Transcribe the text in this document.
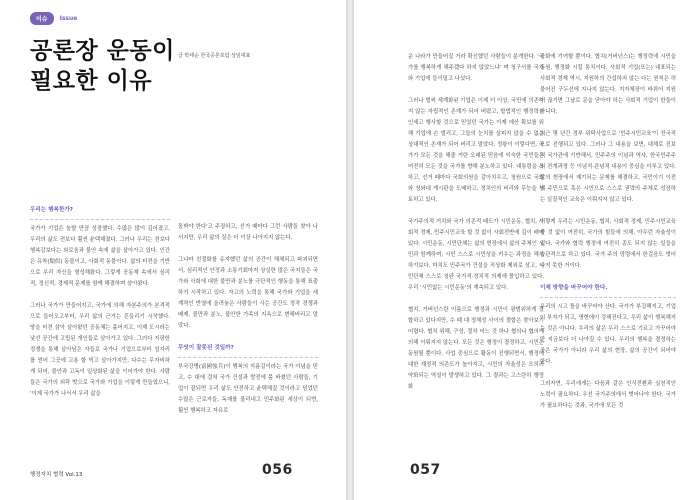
이슈	Issue
공론장 운동이
필요한 이유
글 박태순 한국공론포럼 상임대표
우리는 행복한가?

국가가 기업은 놀랄 만큼 성장했다. 수많은 많이 깊어졌고, 우리의 삶도 전보다 훨씬 윤택해졌다. 그러나 우리는 전보다 행복감보다는 외로움과 불안 속에 삶을 살아가고 있다. 인간은 유착(類似) 동물이고, 사회적 동물이다. 삶의 터전을 기반으로 우리 자신을 형성해왔다. 그렇게 공동체 속에서 심리적, 정신적, 경제적 문제를 함께 해결하며 살아왔다.

그러나 국가가 만들어지고, 국가에 의해 자본주의가 본격적으로 들어오고부터, 우리 삶의 근거는 흔들리기 시작했다. 땅을 터전 삼아 살아왔던 공동체는 흩어지고, 이제 도시라는 낯선 공간에 고립된 개인들로 살아가고 있다. 그러다 지팡한 경쟁을 통해 살아남은 자들로 국가나 기업으로부터 일자리를 얻어 그곳에 고용 할 빅고 살아가지만, 다수는 무자비하게 되어, 불안과 고독이 일상화된 삶을 이어가야 한다. 사람들은 국가의 외곽 벗으로 국가와 기업을 이렇게 만들었으니, '이제 국가가 나서서 우리 삶을

돌봐야 한다'고 주장하고, 선거 때마다 그런 사람들 찾아 나서지만, 우리 삶의 질은 더 이상 나아지지 않는다.

그나마 친절화를 유지했던 삶의 공간이 해체되고 파괴되면서, 심리적인 안정과 소통기회마저 상실한 많은 국지들은 국가와 사회에 대한 불만과 분노를 극단적인 행동을 통해 표출하기 시작하고 있다. 자고의 노력을 통해 국가와 기업을 세계적인 반열에 올려놓은 사람들이 사는 공간도 정작 경쟁과 배제, 불만과 분노, 불안한 가족의 지옥으로 변해버리고 말았다.

무엇이 잘못된 것일까?

부국강병(富國強兵)이 행복의 지름길이라는 국가 이념을 믿고, 수 대에 걸쳐 국가 건설과 발전에 몸 바쳤던 사람들, 기업이 잘되면 우리 삶도 안전하고 윤택해질 것이라고 믿었던 수많은 근로자들, 독재를 물리내고 민주화된 세상이 되면, 훨씬 행복하고 자유로

행정자치 협력 Vol.13	056

운 나라가 만들어질 거라 확신했던 사람들이 분개한다. '국가를 행복하게 해주겠다 하지 않았느냐' 며 청구서를 국가와 기업에 들이밀고 나섰다.

그러나 벌써 세계화된 기업은 이제 더 이상, 국민에 의존하지 않는 자립적인 존재가 되어 버렸고, 합법적인 행정력을 인세고 행사할 것으로 믿었던 국가는 이제 예산 확보를 위해 기업에 손 벌리고, 그들의 눈치를 살피지 않을 수 없는 상대적인 존재가 되어 버리고 말았다. 정왕이 이렇다면, 국가가 모든 것을 해줄 거란 오래된 믿음에 익숙한 국민들은 여전히 모든 것을 국가를 향해 분노하고 있다. 대통령을 욕하고, 선거 때마다 국회의원을 갈아치우고, 청원으로 국회와 청와대 게시판을 도배하고, 정치인의 비리와 무능을 성토하고 있다.

국가주의적 거치와 국가 의존적 태도가 시민운동, 협치, 사회적 경제, 민주시민교육 할 것 없이 사회전반에 깊이 배어 있다. 시민운동, 시민단체는 삶의 현장에서 삶의 주체인 시민과 함께하며, 시민 스스로 시민성을 키우는 과정을 해치하기보다, 마치도 민주국가 건설을 직상화 제외로 삼고, 시민단체 스스로 청완 국가적·정치적 의제에 몰입하고 있다. 우리 '시민없는 시민운동'의 계속되고 있다.

협치, 거버넌스란 이름으로 행정과 시민이 광범위하게 결합하고 있다지만, 수 때 대 정체성 사이의 결합은 찾아보기 어렵다. 협치 위해, 구성, 절차 어느 것 하나 협의나 협의에 의해 이뤄지지 않는다. 모든 것은 행정이 결정하고, 시민은 동원될 뿐이다. 사업 중심으로 활동이 진행되면서, 행정에 대한 재정적 의존도가 높아지고, 시민의 자율성은 오히려 약화되는 역설이 발생하고 있다. 그 결과는 고스란히 행정화

강화에 기여할 뿐이다. 협치(거버넌스)는 행정력에 시민을 동원, 행정화 시킬 통치이다. 사회적 기업(또는) 대표되는 사회적 경제 역시, 지원하의 간섭하지 않는 다는 원칙은 허물어진 구두선에 지나지 않는다. 지자체장이 바뀌어 지원이 끊기면 그날로 문을 닫아야 하는 사회적 기업이 한둘이 아니다.

최근 몇 년간 정부 위탁사업으로 '민주시민교육'이 전국적으로 진행되고 있다. 그러나 그 내용을 보면, 대체로 진보적 국가관에 기반해서, 민주주의 이념과 역사, 한국민주주의 전개과정 등 이념적·관념적 내용이 중심을 이루고 있다. 삶의 현장에서 제기되는 문제를 해결하고, 국민이기 이전에 주민으로 혹은 시민으로 스스로 권력의 주체로 성장하는 실질적인 교육은 이뤄지지 않고 있다.

이렇게 우리는 시민운동, 협치, 사회적 경제, 민주시민교육할 것 없이 여전히, 국가의 힘들에 의해, 아무런 자율성이 없다. 국가와 협력 행정에 여전히 종도 되지 않는 일들을 습관적으로 하고 있다. 국가 주의 망령에서 한걸음도 벗어나지 못한 거이다.

이제 방향을 바꾸어야 한다.

우리의 시고 틀을 바꾸어야 산다. 국가가 부강해지고, 기업이 부자가 되고, 명현에이 강해진다고, 우리 삶이 행복해지는 것은 아니다. 우리의 삶은 우리 스스로 기르고 가꾸어야만 지금보다 더 나아질 수 있다. 우리의 행복을 결정하는 곳은 국가가 아니라 우리 삶의 현장, 삶의 공간이 되어야 한다.

그러자면, 우리에게는 다음과 같은 인식전환과 실천적인 노력이 필요하다. 우선 국가주의에서 벗어나야 한다. 국가가 필요하다는 것과, 국가에 모든 것

057
